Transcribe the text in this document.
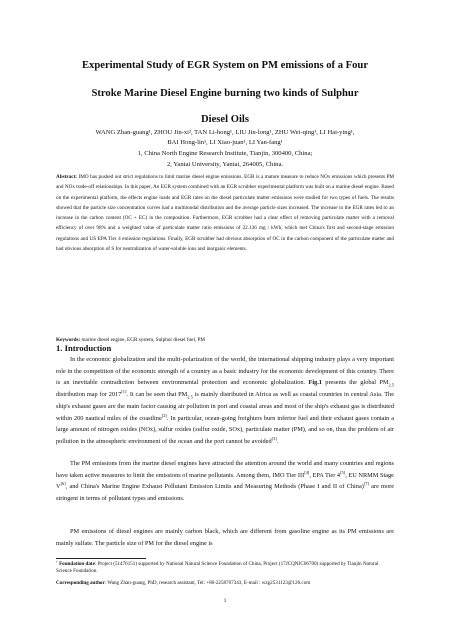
Experimental Study of EGR System on PM emissions of a Four
Stroke Marine Diesel Engine burning two kinds of Sulphur
Diesel Oils
WANG Zhan-guang¹, ZHOU Jin-xi², TAN Li-hong¹, LIU Jin-long¹, ZHU Wei-qing¹, LI Hai-ying¹,
BAI Hong-lin¹, LI Xiao-juan¹, LI Yan-fang¹
1, China North Engine Research Institute, Tianjin, 300400, China;
2, Yantai University, Yantai, 264005, China.
Abstract: IMO has pushed out strict regulations to limit marine diesel engine emissions. EGR is a mature measure to reduce NOx emissions which presents PM and NOx trade-off relationships. In this paper, An EGR system combined with an EGR scrubber experimental platform was built on a marine diesel engine. Based on the experimental platform, the effects engine loads and EGR rates on the diesel particulate matter emissions were studied for two types of fuels. The results showed that the particle size concentration curves had a multimodal distribution and the average particle sizes increased. The increase in the EGR rates led to an increase in the carbon content (OC + EC) in the composition. Furthermore, EGR scrubber had a clear effect of removing particulate matter with a removal efficiency of over 98% and a weighted value of particulate matter ratio emissions of 22.136 mg / kWh, which met China's first and second-stage emission regulations and US EPA Tier 4 emission regulations. Finally, EGR scrubber had obvious absorption of OC in the carbon component of the particulate matter and had obvious absorption of S for neutralization of water-soluble ions and inorganic elements.
Keywords: marine diesel engine, EGR system, Sulphur diesel fuel, PM
1. Introduction
In the economic globalization and the multi-polarization of the world, the international shipping industry plays a very important role in the competition of the economic strength of a country as a basic industry for the economic development of this country. There is an inevitable contradiction between environmental protection and economic globalization. Fig.1 presents the global $PM_{2.5}$ distribution map for 2017[1]. It can be seen that $PM_{2.5}$ is mainly distributed in Africa as well as coastal countries in central Asia. The ship's exhaust gases are the main factor causing air pollution in port and coastal areas and most of the ship's exhaust gas is distributed within 200 nautical miles of the coastline[2]. In particular, ocean-going freighters burn inferior fuel and their exhaust gases contain a large amount of nitrogen oxides (NOx), sulfur oxides (sulfur oxide, SOx), particulate matter (PM), and so on, thus the problem of air pollution in the atmospheric environment of the ocean and the port cannot be avoided[3].
The PM emissions from the marine diesel engines have attracted the attention around the world and many countries and regions have taken active measures to limit the emissions of marine pollutants. Among them, IMO Tier III[4], EPA Tier 4[5], EU NRMM Stage V[6], and China's Marine Engine Exhaust Pollutant Emission Limits and Measuring Methods (Phase I and II of China)[7] are more stringent in terms of pollutant types and emissions.
PM emissions of diesel engines are mainly carbon black, which are different from gasoline engine as its PM emissions are mainly sulfate. The particle size of PM for the diesel engine is
$^1$ Foundation date: Project (51476151) supported by National Natural Science Foundation of China, Project (17JCQNJC06700) supported by Tianjin Natural Science Foundation.
Corresponding author: Wang Zhan-guang, PhD, research assistant, Tel: +86-2258707343, E-mail : wzg2531123@126.com
1
